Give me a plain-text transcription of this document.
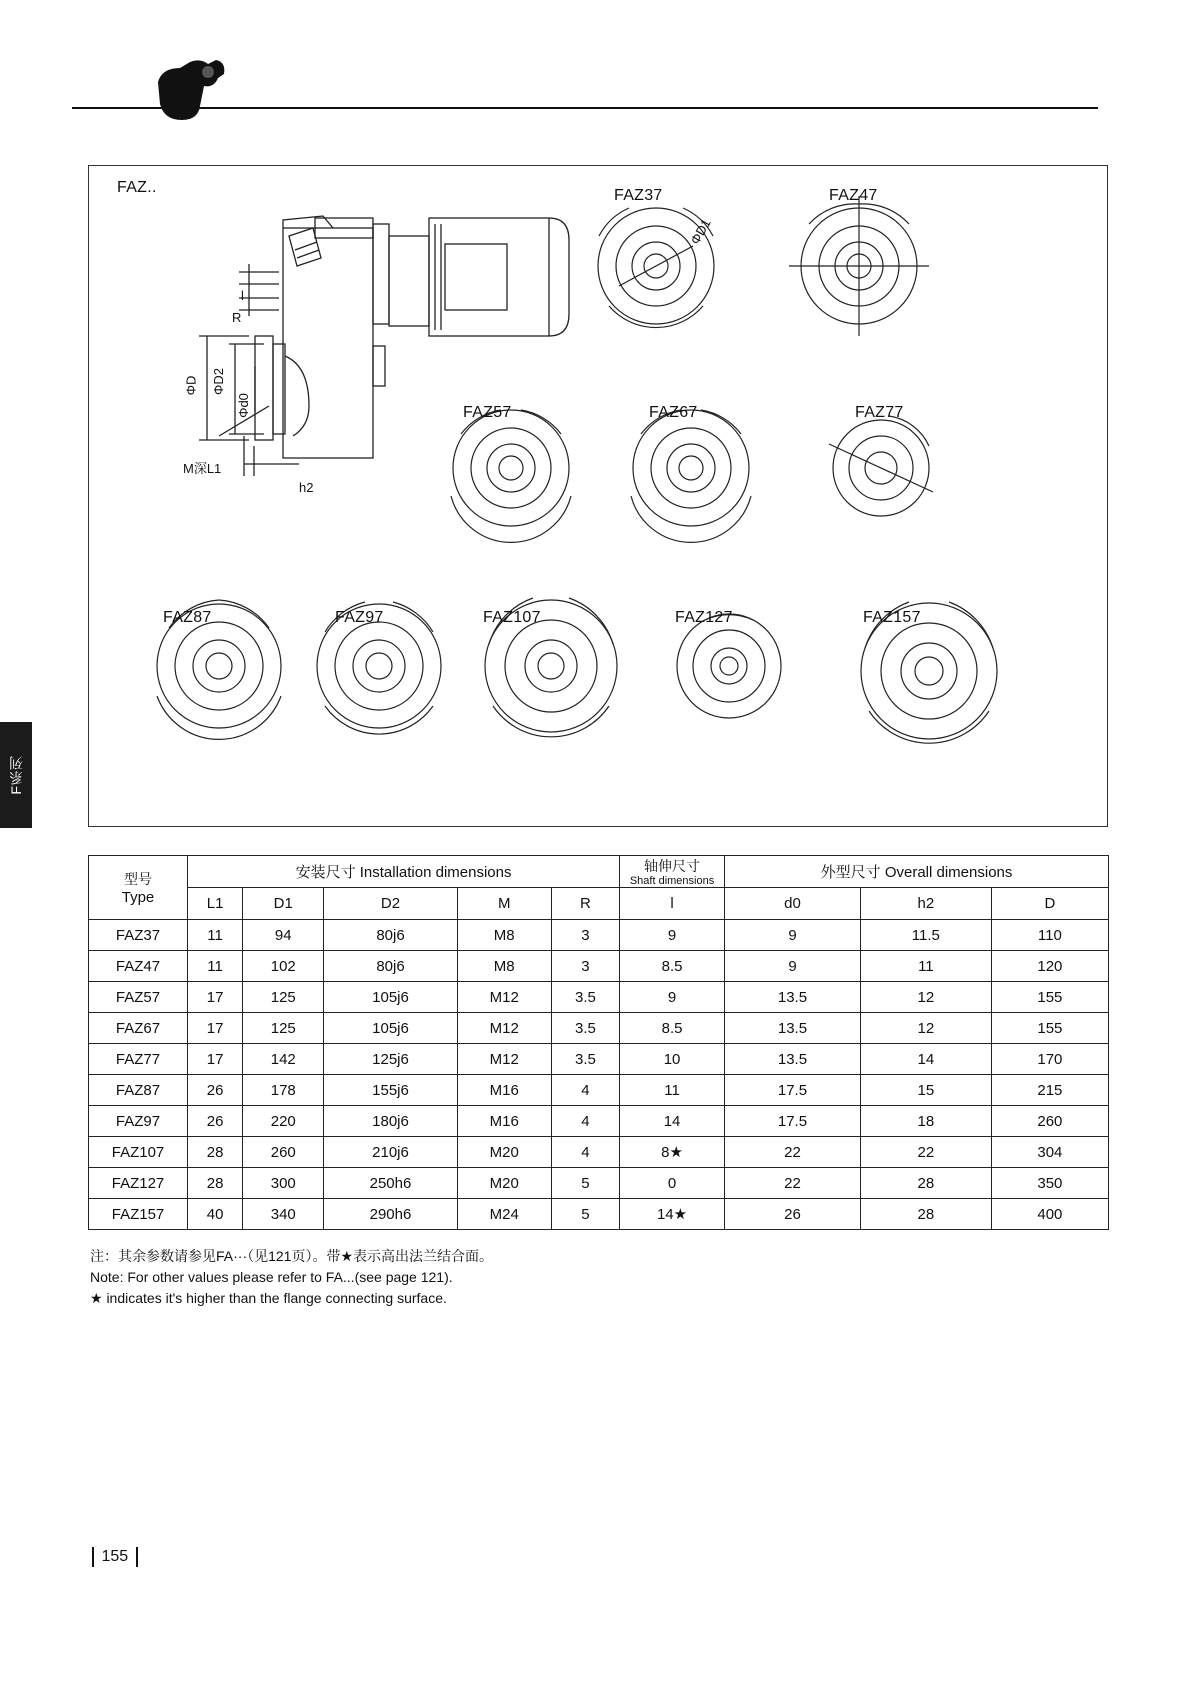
F系列
FAZ..	FAZ37	FAZ47
FAZ57	FAZ67	FAZ77
FAZ87	FAZ97	FAZ107	FAZ127	FAZ157
l
R
ΦD ΦD2
Φd0
M深L1
h2
ΦD1
型号
Type	安装尺寸 Installation dimensions					轴伸尺寸
Shaft dimensions	外型尺寸 Overall dimensions		
	L1	D1	D2	M	R	l	d0	h2	D
FAZ37	11	94	80j6	M8	3	9	9	11.5	110
FAZ47	11	102	80j6	M8	3	8.5	9	11	120
FAZ57	17	125	105j6	M12	3.5	9	13.5	12	155
FAZ67	17	125	105j6	M12	3.5	8.5	13.5	12	155
FAZ77	17	142	125j6	M12	3.5	10	13.5	14	170
FAZ87	26	178	155j6	M16	4	11	17.5	15	215
FAZ97	26	220	180j6	M16	4	14	17.5	18	260
FAZ107	28	260	210j6	M20	4	8★	22	22	304
FAZ127	28	300	250h6	M20	5	0	22	28	350
FAZ157	40	340	290h6	M24	5	14★	26	28	400
注：其余参数请参见FA···（见121页）。带★表示高出法兰结合面。
Note: For other values please refer to FA...(see page 121).
★ indicates it's higher than the flange connecting surface.
155
